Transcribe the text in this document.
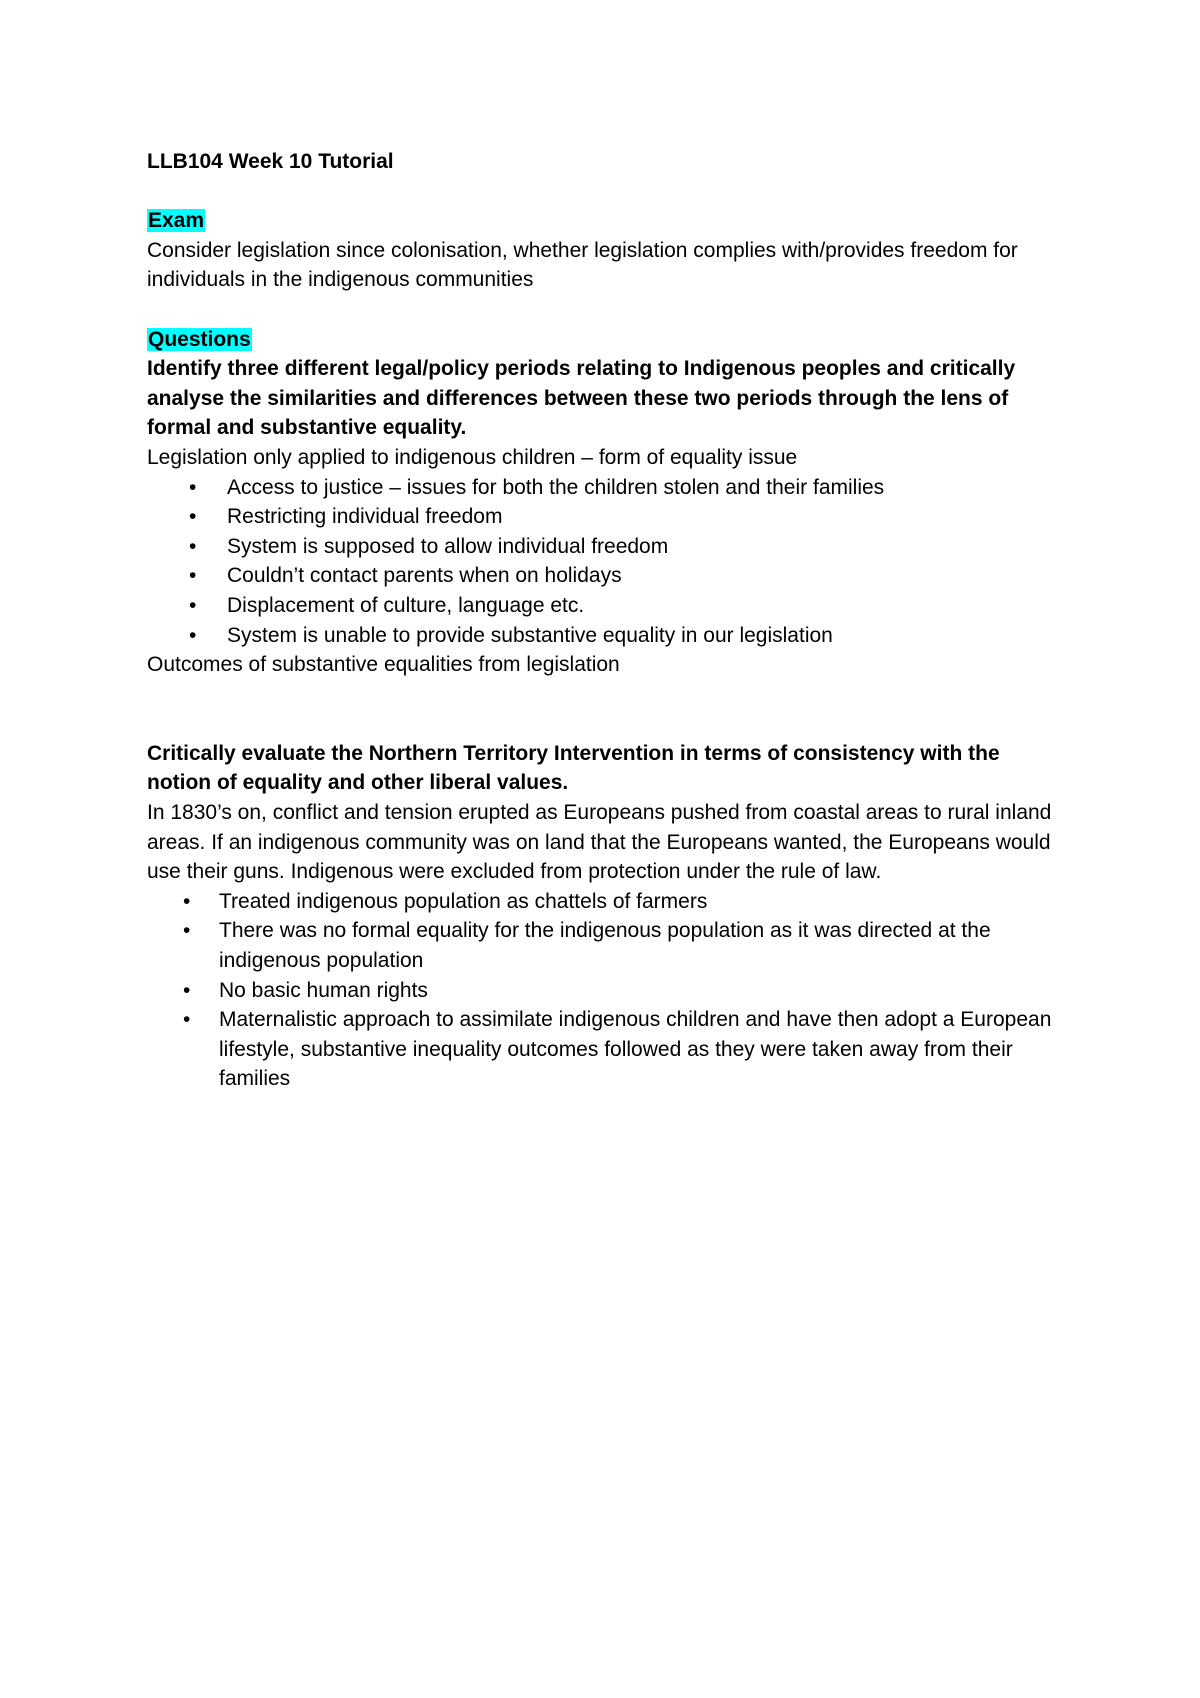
LLB104 Week 10 Tutorial

Exam

Consider legislation since colonisation, whether legislation complies with/provides freedom for individuals in the indigenous communities

Questions

Identify three different legal/policy periods relating to Indigenous peoples and critically analyse the similarities and differences between these two periods through the lens of formal and substantive equality.

Legislation only applied to indigenous children – form of equality issue

• Access to justice – issues for both the children stolen and their families
• Restricting individual freedom
• System is supposed to allow individual freedom
• Couldn’t contact parents when on holidays
• Displacement of culture, language etc.
• System is unable to provide substantive equality in our legislation

Outcomes of substantive equalities from legislation

Critically evaluate the Northern Territory Intervention in terms of consistency with the notion of equality and other liberal values.

In 1830’s on, conflict and tension erupted as Europeans pushed from coastal areas to rural inland areas. If an indigenous community was on land that the Europeans wanted, the Europeans would use their guns. Indigenous were excluded from protection under the rule of law.

• Treated indigenous population as chattels of farmers
• There was no formal equality for the indigenous population as it was directed at the indigenous population
• No basic human rights
• Maternalistic approach to assimilate indigenous children and have then adopt a European lifestyle, substantive inequality outcomes followed as they were taken away from their families
